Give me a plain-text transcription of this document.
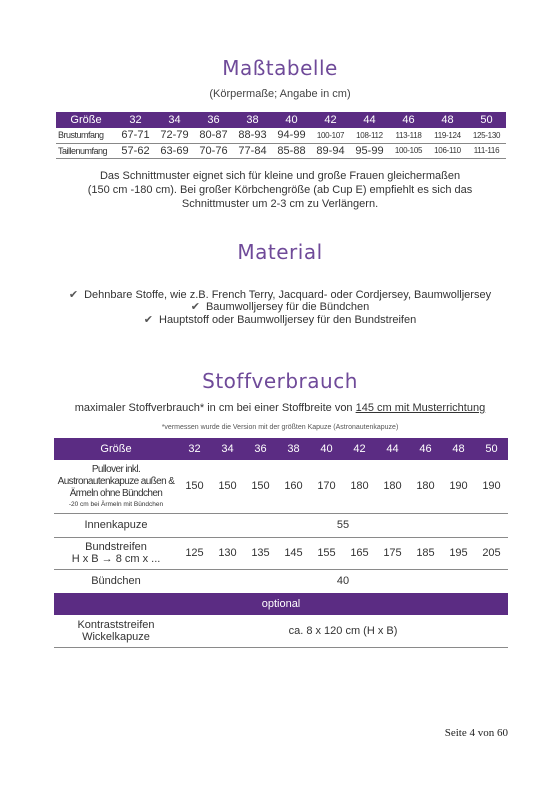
Maßtabelle
(Körpermaße; Angabe in cm)
Größe	32	34	36	38	40	42	44	46	48	50
Brustumfang	67-71	72-79	80-87	88-93	94-99	100-107	108-112	113-118	119-124	125-130
Taillenumfang	57-62	63-69	70-76	77-84	85-88	89-94	95-99	100-105	106-110	111-116
Das Schnittmuster eignet sich für kleine und große Frauen gleichermaßen
(150 cm -180 cm). Bei großer Körbchengröße (ab Cup E) empfiehlt es sich das
Schnittmuster um 2-3 cm zu Verlängern.
Material
✔ Dehnbare Stoffe, wie z.B. French Terry, Jacquard- oder Cordjersey, Baumwolljersey
✔ Baumwolljersey für die Bündchen
✔ Hauptstoff oder Baumwolljersey für den Bundstreifen
Stoffverbrauch
maximaler Stoffverbrauch* in cm bei einer Stoffbreite von 145 cm mit Musterrichtung
*vermessen wurde die Version mit der größten Kapuze (Astronautenkapuze)
Größe	32	34	36	38	40	42	44	46	48	50

Pullover inkl.
Austronautenkapuze außen &
Ärmeln ohne Bündchen
-20 cm bei Ärmeln mit Bündchen	150	150	150	160	170	180	180	180	190	190
Innenkapuze	55									

Bundstreifen
H x B → 8 cm x ...	125	130	135	145	155	165	175	185	195	205
Bündchen	40									
optional										

Kontraststreifen
Wickelkapuze	ca. 8 x 120 cm (H x B)									
Seite 4 von 60
